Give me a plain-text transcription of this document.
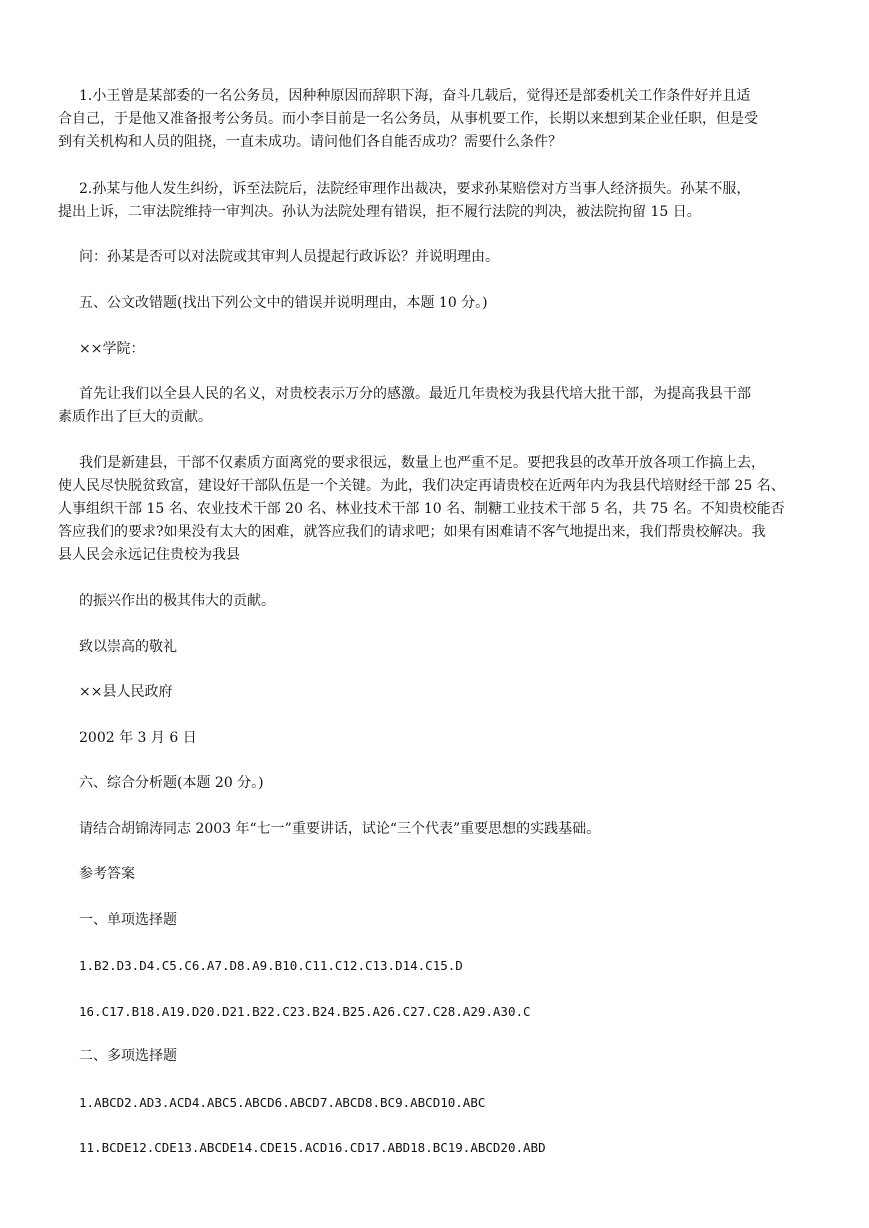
1.小王曾是某部委的一名公务员，因种种原因而辞职下海，奋斗几载后，觉得还是部委机关工作条件好并且适
合自己，于是他又准备报考公务员。而小李目前是一名公务员，从事机要工作，长期以来想到某企业任职，但是受
到有关机构和人员的阻挠，一直未成功。请问他们各自能否成功？需要什么条件？
2.孙某与他人发生纠纷，诉至法院后，法院经审理作出裁决，要求孙某赔偿对方当事人经济损失。孙某不服，
提出上诉，二审法院维持一审判决。孙认为法院处理有错误，拒不履行法院的判决，被法院拘留 15 日。
问：孙某是否可以对法院或其审判人员提起行政诉讼？并说明理由。
五、公文改错题(找出下列公文中的错误并说明理由，本题 10 分。)
××学院：
首先让我们以全县人民的名义，对贵校表示万分的感激。最近几年贵校为我县代培大批干部，为提高我县干部
素质作出了巨大的贡献。
我们是新建县，干部不仅素质方面离党的要求很远，数量上也严重不足。要把我县的改革开放各项工作搞上去，
使人民尽快脱贫致富，建设好干部队伍是一个关键。为此，我们决定再请贵校在近两年内为我县代培财经干部 25 名、
人事组织干部 15 名、农业技术干部 20 名、林业技术干部 10 名、制糖工业技术干部 5 名，共 75 名。不知贵校能否
答应我们的要求?如果没有太大的困难，就答应我们的请求吧；如果有困难请不客气地提出来，我们帮贵校解决。我
县人民会永远记住贵校为我县
的振兴作出的极其伟大的贡献。
致以崇高的敬礼
××县人民政府
2002 年 3 月 6 日
六、综合分析题(本题 20 分。)
请结合胡锦涛同志 2003 年“七一”重要讲话，试论“三个代表”重要思想的实践基础。
参考答案
一、单项选择题
1.B2.D3.D4.C5.C6.A7.D8.A9.B10.C11.C12.C13.D14.C15.D
16.C17.B18.A19.D20.D21.B22.C23.B24.B25.A26.C27.C28.A29.A30.C
二、多项选择题
1.ABCD2.AD3.ACD4.ABC5.ABCD6.ABCD7.ABCD8.BC9.ABCD10.ABC
11.BCDE12.CDE13.ABCDE14.CDE15.ACD16.CD17.ABD18.BC19.ABCD20.ABD
